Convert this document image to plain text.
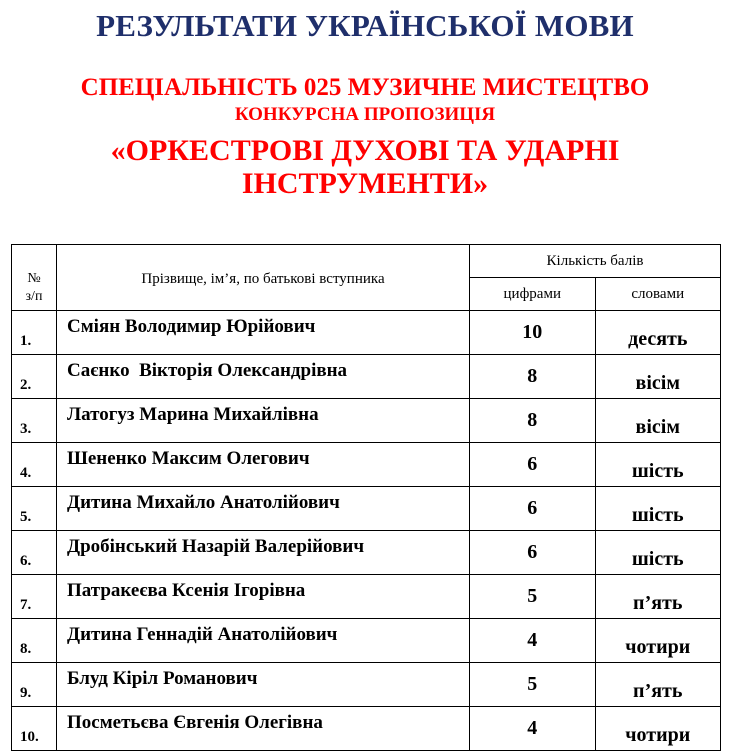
РЕЗУЛЬТАТИ УКРАЇНСЬКОЇ МОВИ
СПЕЦІАЛЬНІСТЬ 025 МУЗИЧНЕ МИСТЕЦТВО
КОНКУРСНА ПРОПОЗИЦІЯ
«ОРКЕСТРОВІ ДУХОВІ ТА УДАРНІ
ІНСТРУМЕНТИ»
№
з/п	Прізвище, ім’я, по батькові вступника	Кількість балів	
		цифрами	словами
1.	Сміян Володимир Юрійович	10	десять
2.	Саєнко  Вікторія Олександрівна	8	вісім
3.	Латогуз Марина Михайлівна	8	вісім
4.	Шененко Максим Олегович	6	шість
5.	Дитина Михайло Анатолійович	6	шість
6.	Дробінський Назарій Валерійович	6	шість
7.	Патракеєва Ксенія Ігорівна	5	п’ять
8.	Дитина Геннадій Анатолійович	4	чотири
9.	Блуд Кіріл Романович	5	п’ять
10.	Посметьєва Євгенія Олегівна	4	чотири
